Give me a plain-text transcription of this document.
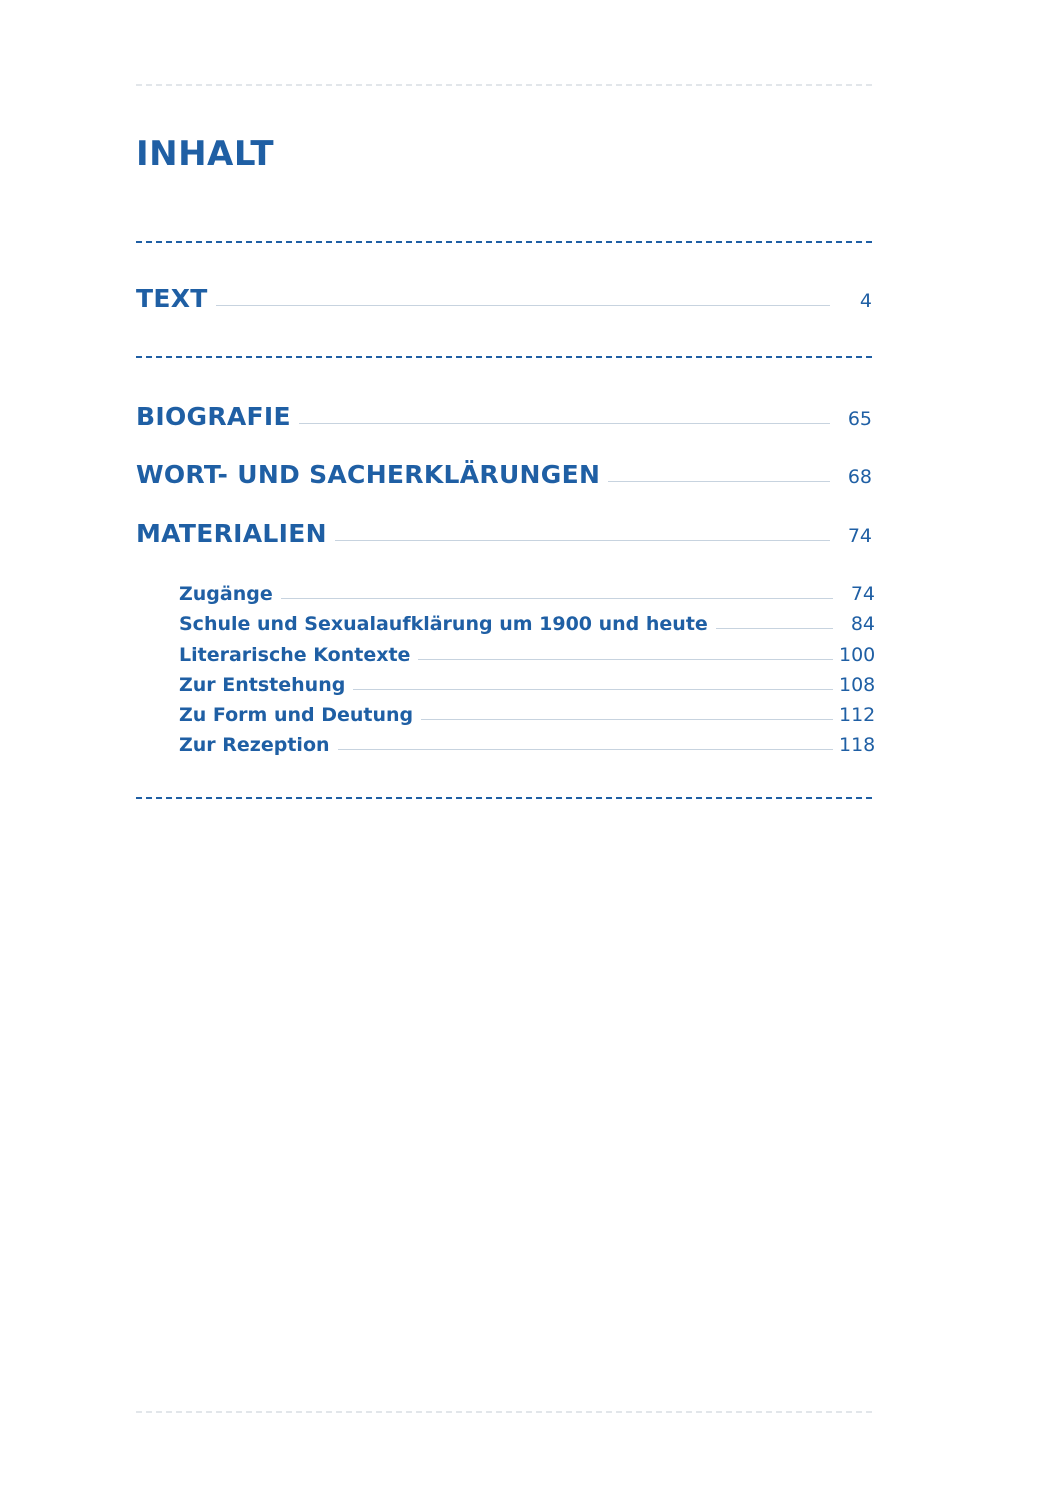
INHALT
TEXT	4
BIOGRAFIE	65
WORT- UND SACHERKLÄRUNGEN	68
MATERIALIEN	74
Zugänge	74
Schule und Sexualaufklärung um 1900 und heute	84
Literarische Kontexte	100
Zur Entstehung	108
Zu Form und Deutung	112
Zur Rezeption	118
